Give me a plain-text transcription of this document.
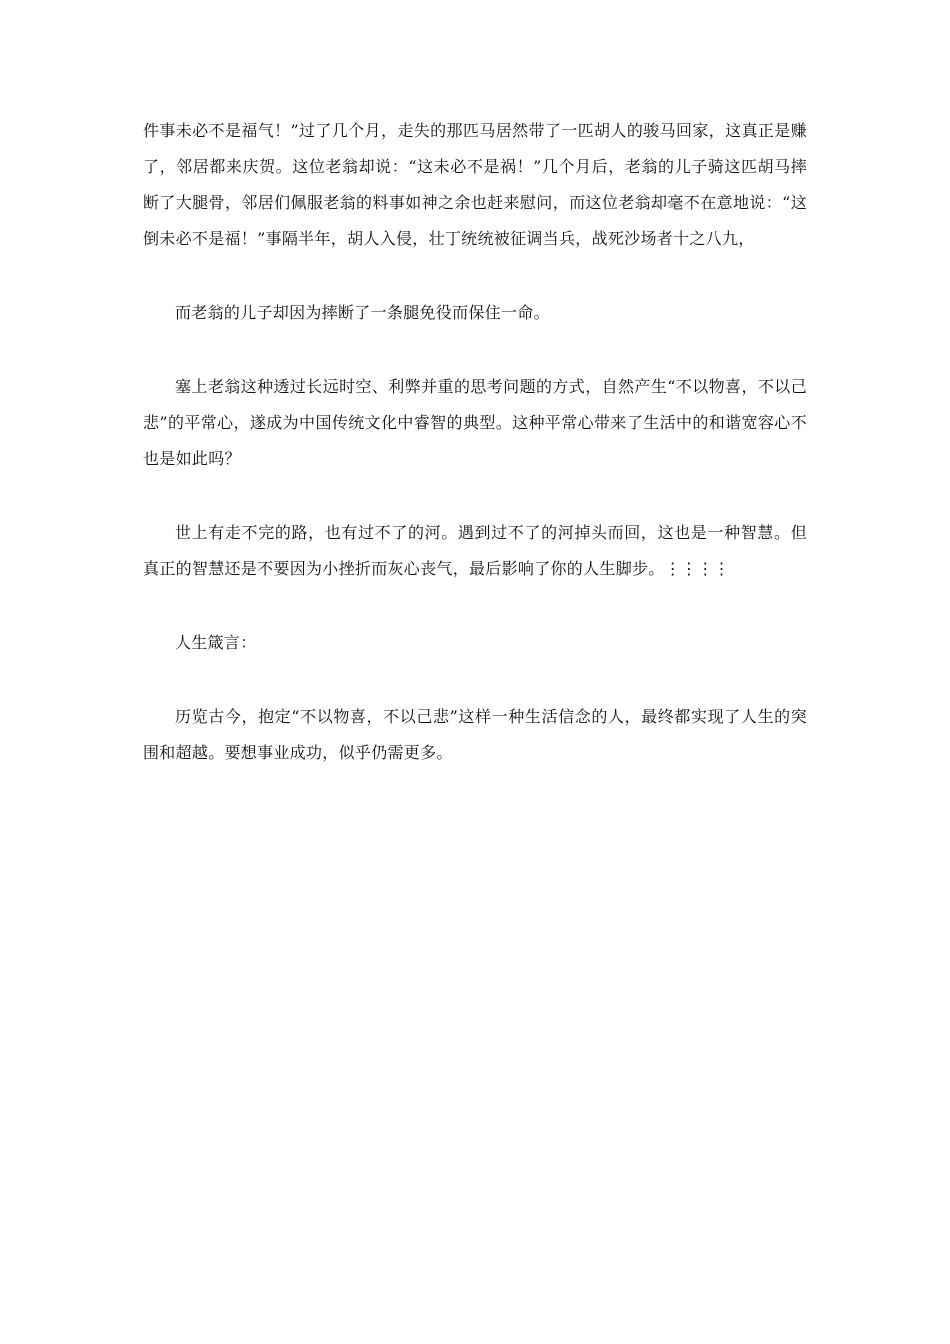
件事未必不是福气！”过了几个月，走失的那匹马居然带了一匹胡人的骏马回家，这真正是赚了，邻居都来庆贺。这位老翁却说：“这未必不是祸！”几个月后，老翁的儿子骑这匹胡马摔断了大腿骨，邻居们佩服老翁的料事如神之余也赶来慰问，而这位老翁却毫不在意地说：“这倒未必不是福！”事隔半年，胡人入侵，壮丁统统被征调当兵，战死沙场者十之八九，

而老翁的儿子却因为摔断了一条腿免役而保住一命。

塞上老翁这种透过长远时空、利弊并重的思考问题的方式，自然产生“不以物喜，不以己悲”的平常心，遂成为中国传统文化中睿智的典型。这种平常心带来了生活中的和谐宽容心不也是如此吗？

世上有走不完的路，也有过不了的河。遇到过不了的河掉头而回，这也是一种智慧。但真正的智慧还是不要因为小挫折而灰心丧气，最后影响了你的人生脚步。⋮⋮⋮⋮

人生箴言：

历览古今，抱定“不以物喜，不以己悲”这样一种生活信念的人，最终都实现了人生的突围和超越。要想事业成功，似乎仍需更多。
